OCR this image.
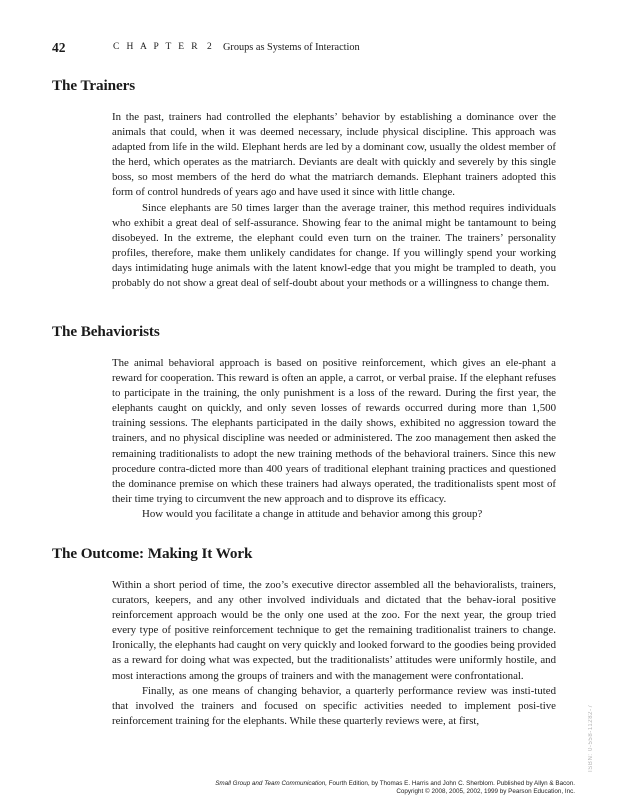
42	C H A P T E R 2 Groups as Systems of Interaction
The Trainers

In the past, trainers had controlled the elephants’ behavior by establishing a dominance over the animals that could, when it was deemed necessary, include physical discipline. This approach was adapted from life in the wild. Elephant herds are led by a dominant cow, usually the oldest member of the herd, which operates as the matriarch. Deviants are dealt with quickly and severely by this single boss, so most members of the herd do what the matriarch demands. Elephant trainers adopted this form of control hundreds of years ago and have used it since with little change.

Since elephants are 50 times larger than the average trainer, this method requires individuals who exhibit a great deal of self-assurance. Showing fear to the animal might be tantamount to being disobeyed. In the extreme, the elephant could even turn on the trainer. The trainers’ personality profiles, therefore, make them unlikely candidates for change. If you willingly spend your working days intimidating huge animals with the latent knowl-edge that you might be trampled to death, you probably do not show a great deal of self-doubt about your methods or a willingness to change them.

The Behaviorists

The animal behavioral approach is based on positive reinforcement, which gives an ele-phant a reward for cooperation. This reward is often an apple, a carrot, or verbal praise. If the elephant refuses to participate in the training, the only punishment is a loss of the reward. During the first year, the elephants caught on quickly, and only seven losses of rewards occurred during more than 1,500 training sessions. The elephants participated in the daily shows, exhibited no aggression toward the trainers, and no physical discipline was needed or administered. The zoo management then asked the remaining traditionalists to adopt the new training methods of the behavioral trainers. Since this new procedure contra-dicted more than 400 years of traditional elephant training practices and questioned the dominance premise on which these trainers had always operated, the traditionalists spent most of their time trying to circumvent the new approach and to disprove its efficacy.

How would you facilitate a change in attitude and behavior among this group?

The Outcome: Making It Work

Within a short period of time, the zoo’s executive director assembled all the behavioralists, trainers, curators, keepers, and any other involved individuals and dictated that the behav-ioral positive reinforcement approach would be the only one used at the zoo. For the next year, the group tried every type of positive reinforcement technique to get the remaining traditionalist trainers to change. Ironically, the elephants had caught on very quickly and looked forward to the goodies being provided as a reward for doing what was expected, but the traditionalists’ attitudes were uniformly hostile, and most interactions among the groups of trainers and with the management were confrontational.

Finally, as one means of changing behavior, a quarterly performance review was insti-tuted that involved the trainers and focused on specific activities needed to implement posi-tive reinforcement training for the elephants. While these quarterly reviews were, at first,	ISBN: 0-558-11282-7
Small Group and Team Communication, Fourth Edition, by Thomas E. Harris and John C. Sherblom. Published by Allyn & Bacon.
Copyright © 2008, 2005, 2002, 1999 by Pearson Education, Inc.
